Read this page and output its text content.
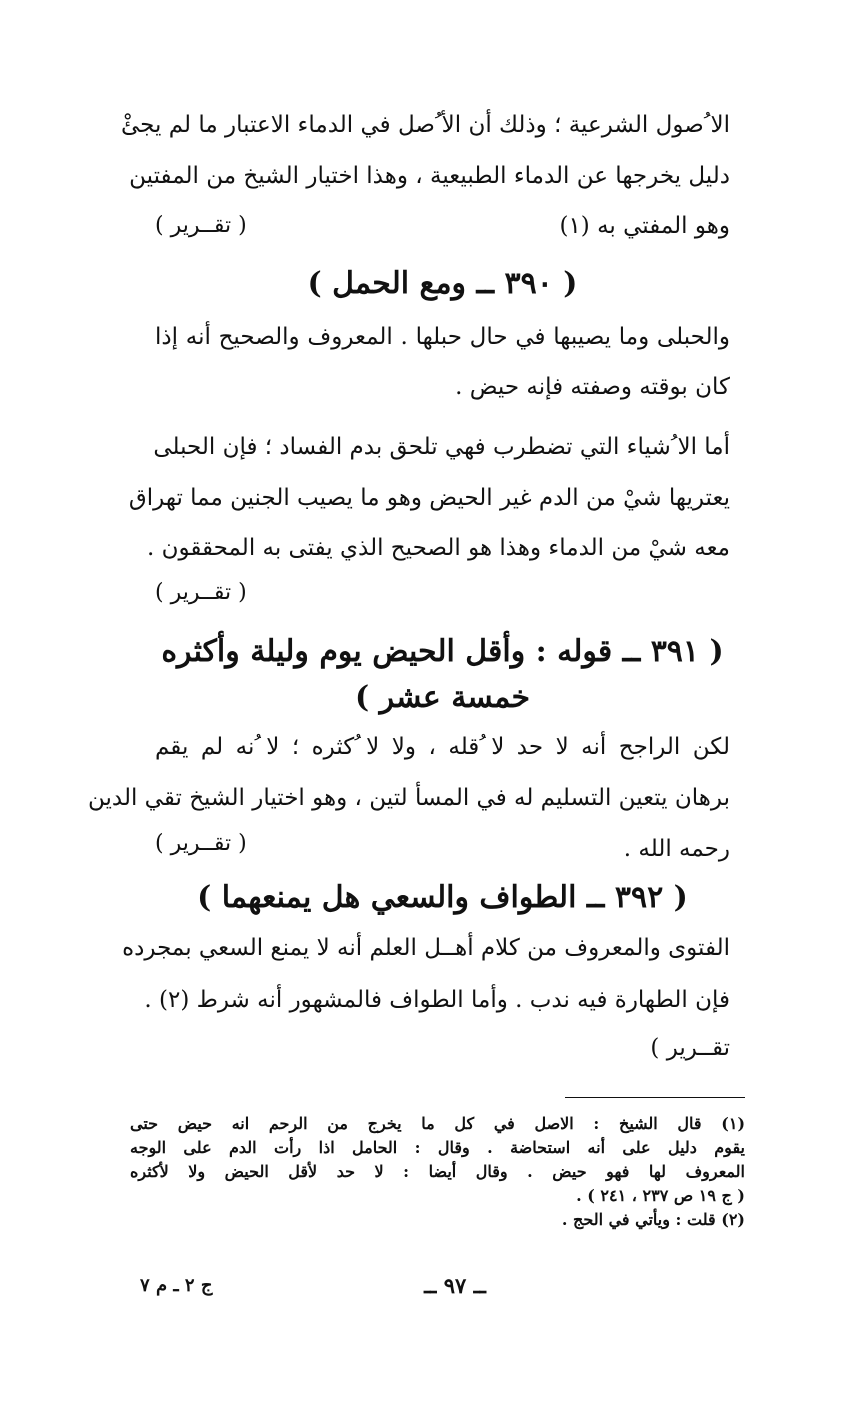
الا ُصول الشرعية ؛ وذلك أن الأ ُصل في الدماء الاعتبار ما لم يجئْ
دليل يخرجها عن الدماء الطبيعية ، وهذا اختيار الشيخ من المفتين
وهو المفتي به (١)
( تقــرير )
( ٣٩٠ ــ ومع الحمل )
والحبلى وما يصيبها في حال حبلها . المعروف والصحيح أنه إذا
كان بوقته وصفته فإنه حيض .
أما الا ُشياء التي تضطرب فهي تلحق بدم الفساد ؛ فإن الحبلى
يعتريها شيْ من الدم غير الحيض وهو ما يصيب الجنين مما تهراق
معه شيْ من الدماء وهذا هو الصحيح الذي يفتى به المحققون .
( تقــرير )
( ٣٩١ ــ قوله : وأقل الحيض يوم وليلة وأكثره
خمسة عشر )
لكن الراجح أنه لا حد لا ُقله ، ولا لا ُكثره ؛ لا ُنه لم يقم
برهان يتعين التسليم له في المسأ لتين ، وهو اختيار الشيخ تقي الدين
رحمه الله .
( تقــرير )
( ٣٩٢ ــ الطواف والسعي هل يمنعهما )
الفتوى والمعروف من كلام أهــل العلم أنه لا يمنع السعي بمجرده
فإن الطهارة فيه ندب . وأما الطواف فالمشهور أنه شرط (٢) .
تقــرير )
(١) قال الشيخ : الاصل في كل ما يخرج من الرحم انه حيض حتى
يقوم دليل على أنه استحاضة . وقال : الحامل اذا رأت الدم على الوجه
المعروف لها فهو حيض . وقال أيضا : لا حد لأقل الحيض ولا لأكثره
( ج ١٩ ص ٢٣٧ ، ٢٤١ ) .
(٢) قلت : ويأتي في الحج .
ــ ٩٧ ــ
ج ٢ ـ م ٧
